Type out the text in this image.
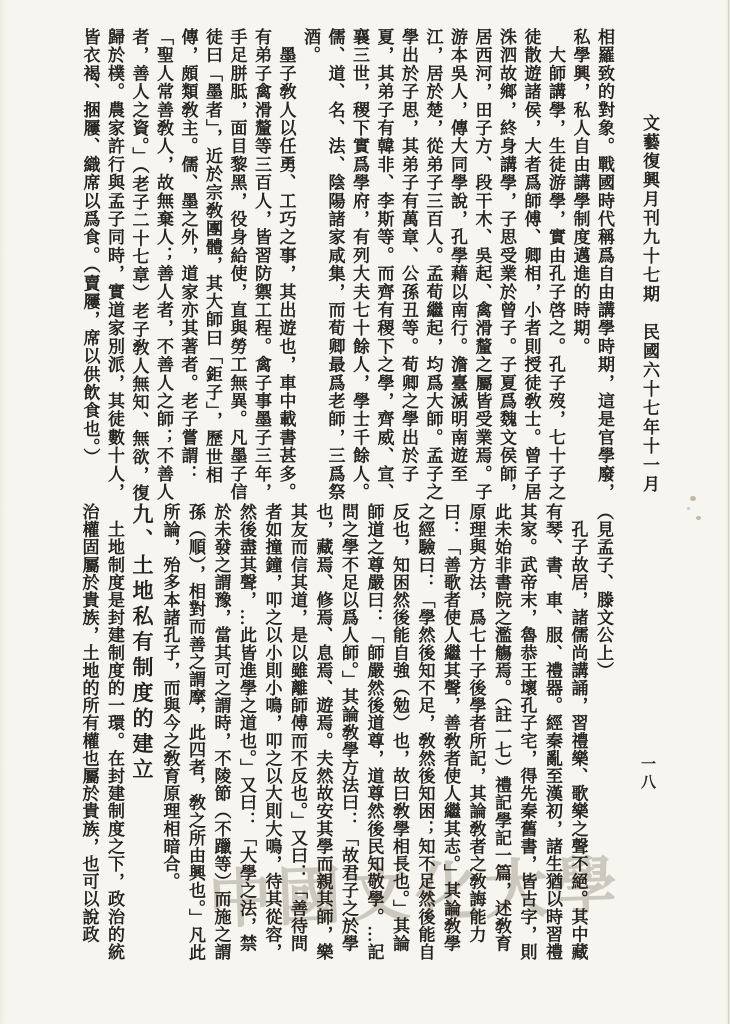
中國文化大學
文藝復興月刊九十七期　民國六十七年十一月
一八

相羅致的對象。戰國時代稱爲自由講學時期，這是官學廢，私學興，私人自由講學制度邁進的時期。

　大師講學，生徒游學，實由孔子啓之。孔子歿，七十子之徒散遊諸侯，大者爲師傅、卿相，小者則授徒敎士。曾子居洙泗故鄉，終身講學，子思受業於曾子。子夏爲魏文侯師，居西河，田子方、段干木、吳起、禽滑釐之屬皆受業焉。子游本吳人，傳大同學說，孔學藉以南行。澹臺滅明南遊至江，居於楚，從弟子三百人。孟荀繼起，均爲大師。孟子之學出於子思，其弟子有萬章、公孫丑等。荀卿之學出於子夏，其弟子有韓非、李斯等。而齊有稷下之學，齊威、宣、襄三世，稷下實爲學府，有列大夫七十餘人，學士千餘人。儒、道、名、法、陰陽諸家咸集，而荀卿最爲老師，三爲祭酒。

　墨子敎人以任勇、工巧之事，其出遊也，車中載書甚多。有弟子禽滑釐等三百人，皆習防禦工程。禽子事墨子三年，手足胼胝，面目黎黑，役身給使，直與勞工無異。凡墨子信徒曰「墨者」，近於宗敎團體，其大師曰「鉅子」，歷世相傳，頗類敎主。儒、墨之外，道家亦其著者。老子嘗謂：「聖人常善敎人，故無棄人；善人者，不善人之師；不善人者，善人之資。」（老子二十七章）老子敎人無知、無欲，復歸於樸。農家許行與孟子同時，實道家別派，其徒數十人，皆衣褐、捆屨、織席以爲食。（賣屨，席以供飲食也。）

（見孟子、滕文公上）

　孔子故居，諸儒尚講誦，習禮樂、歌樂之聲不絕。其中藏有琴、書、車、服、禮器。經秦亂至漢初，諸生猶以時習禮其家。武帝末，魯恭王壞孔子宅，得先秦舊書，皆古字，則此未始非書院之濫觴焉。（註一七）禮記學記一篇，述敎育原理與方法，爲七十子後學者所記，其論敎者之敎誨能力曰：「善歌者使人繼其聲，善敎者使人繼其志。」其論敎學之經驗曰：「學然後知不足，敎然後知困；知不足然後能自反也，知困然後能自強（勉）也，故曰敎學相長也。」其論師道之尊嚴曰：「師嚴然後道尊，道尊然後民知敬學。…記問之學不足以爲人師。」其論敎學方法曰：「故君子之於學也，藏焉、修焉、息焉、遊焉。夫然故安其學而親其師，樂其友而信其道，是以雖離師傅而不反也。」又曰：「善待問者如撞鐘，叩之以小則小鳴，叩之以大則大鳴，待其從容，然後盡其聲，…此皆進學之道也。」又曰：「大學之法，禁於未發之謂豫，當其可之謂時，不陵節（不躐等）而施之謂孫（順），相對而善之謂摩，此四者，敎之所由興也。」凡此所論，殆多本諸孔子，而與今之敎育原理相暗合。

九、土地私有制度的建立

　土地制度是封建制度的一環。在封建制度之下，政治的統治權固屬於貴族，土地的所有權也屬於貴族，也可以說政
